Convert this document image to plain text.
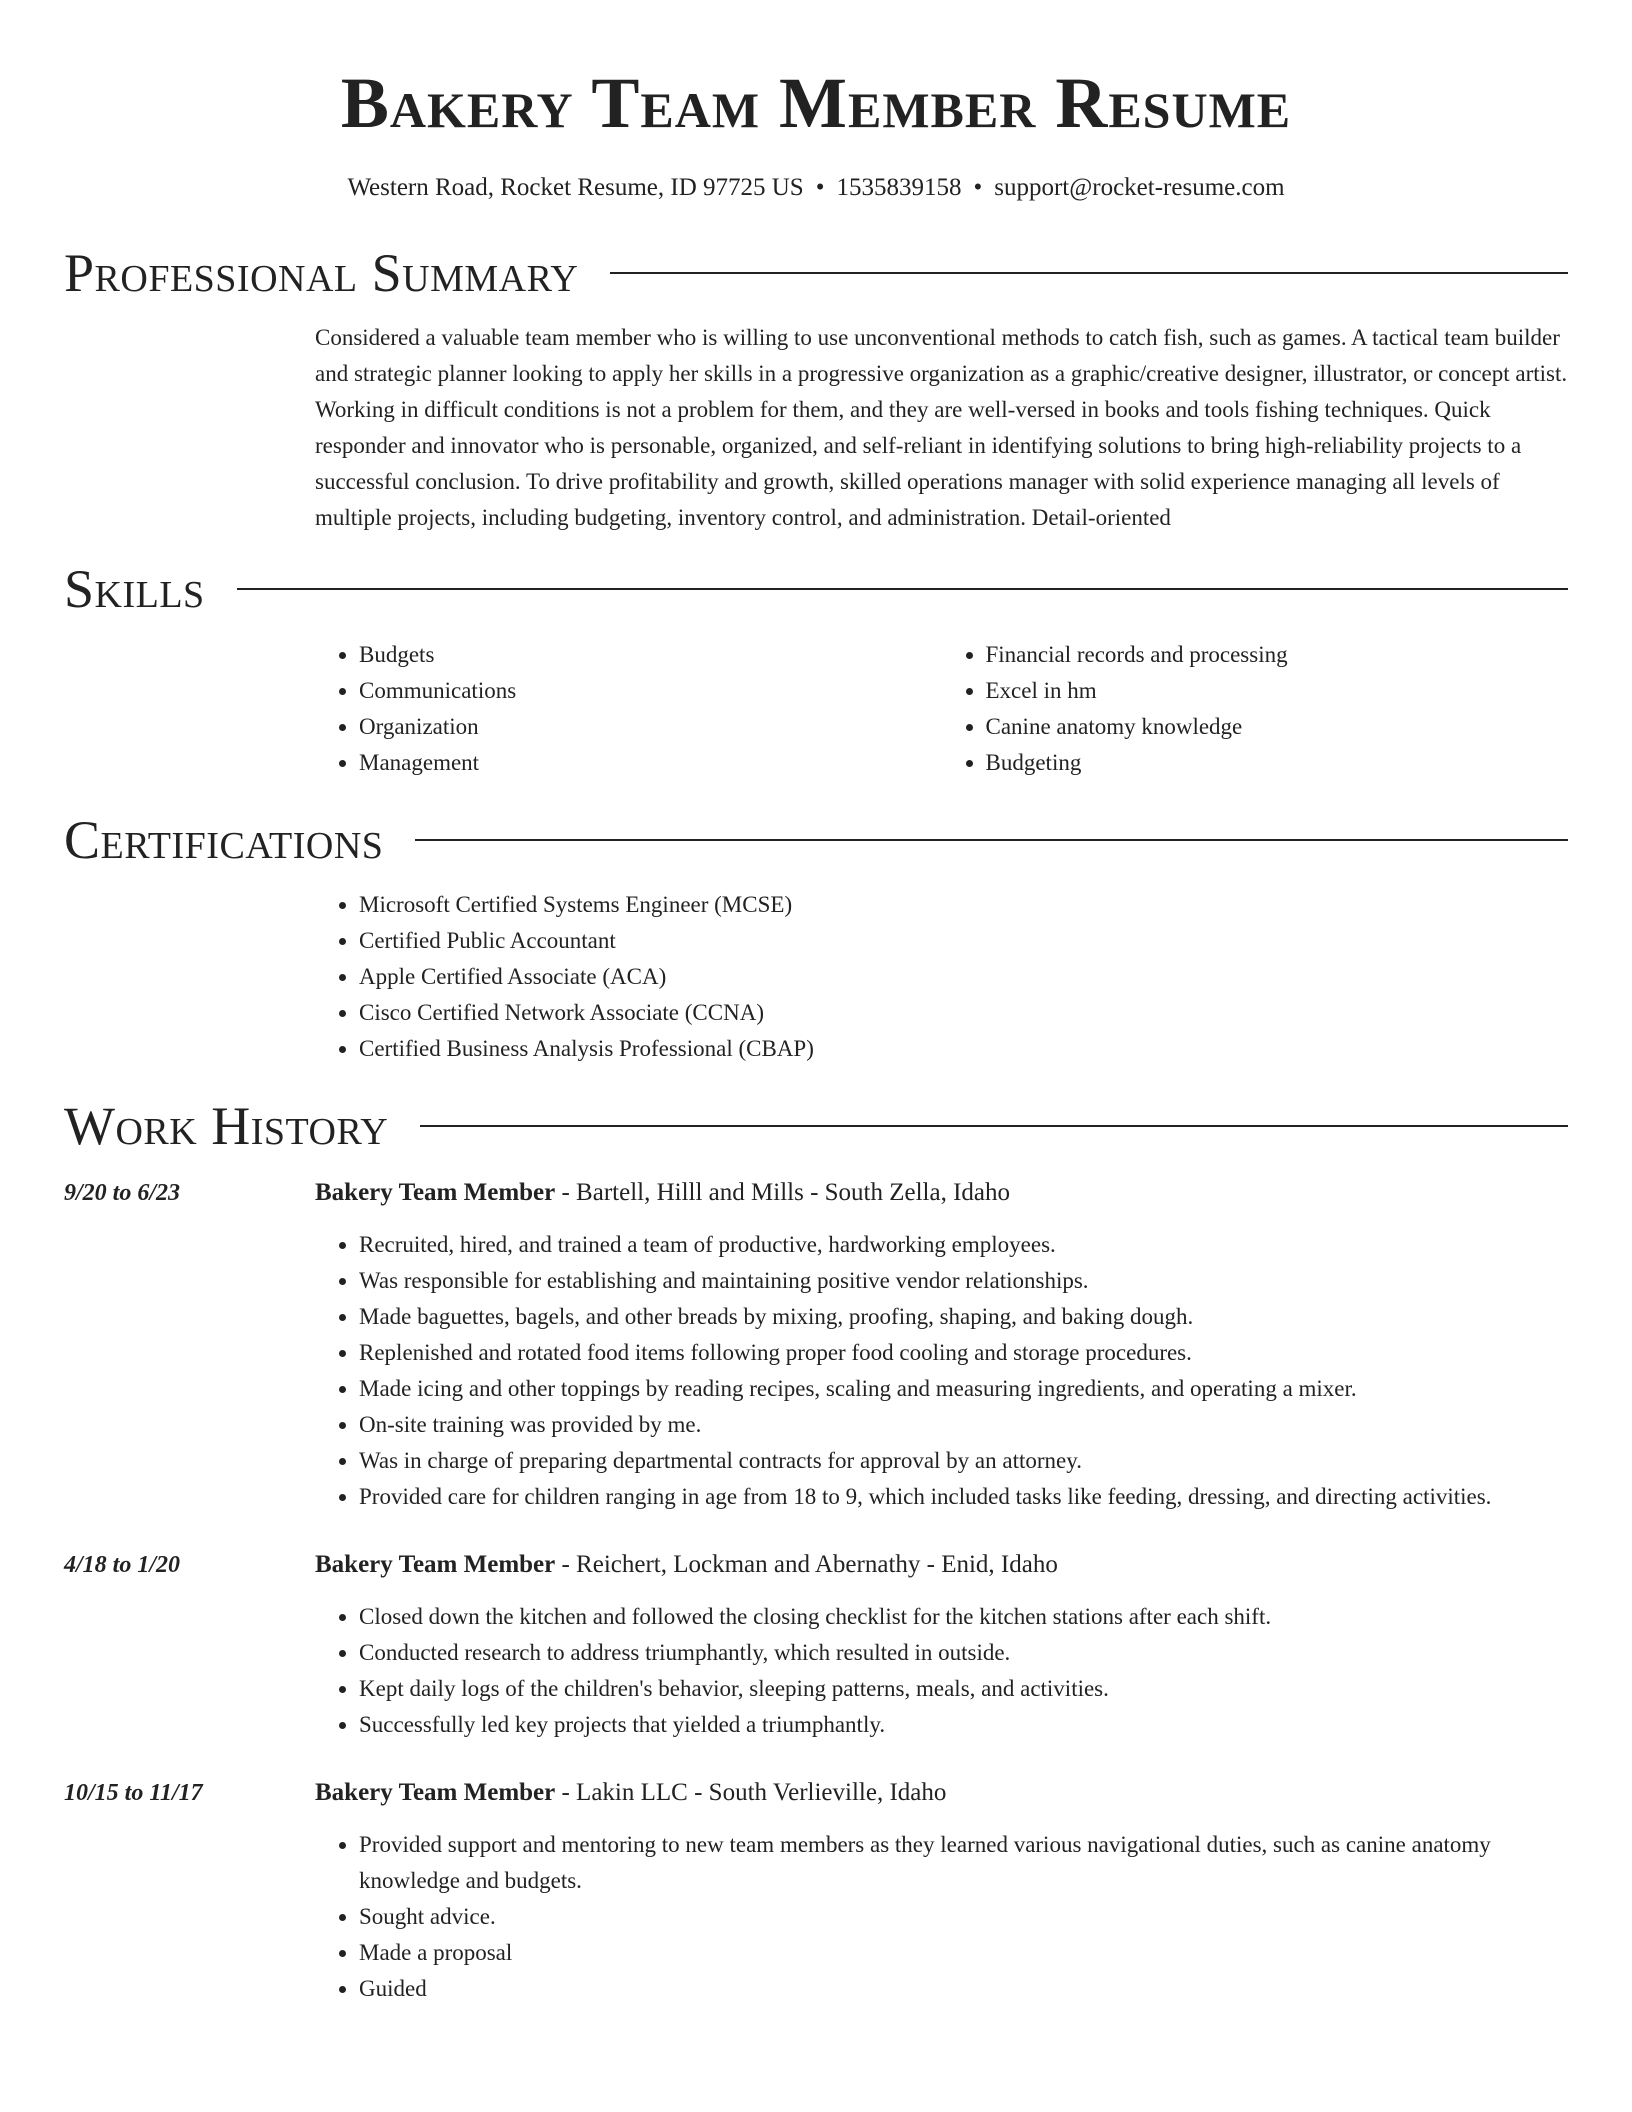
Bakery Team Member Resume
Western Road, Rocket Resume, ID 97725 US • 1535839158 • support@rocket-resume.com
Professional Summary

Considered a valuable team member who is willing to use unconventional methods to catch fish, such as games. A tactical team builder and strategic planner looking to apply her skills in a progressive organization as a graphic/creative designer, illustrator, or concept artist. Working in difficult conditions is not a problem for them, and they are well-versed in books and tools fishing techniques. Quick responder and innovator who is personable, organized, and self-reliant in identifying solutions to bring high-reliability projects to a successful conclusion. To drive profitability and growth, skilled operations manager with solid experience managing all levels of multiple projects, including budgeting, inventory control, and administration. Detail-oriented

Skills
• Budgets
• Communications
• Organization
• Management
• Financial records and processing
• Excel in hm
• Canine anatomy knowledge
• Budgeting
Certifications
• Microsoft Certified Systems Engineer (MCSE)
• Certified Public Accountant
• Apple Certified Associate (ACA)
• Cisco Certified Network Associate (CCNA)
• Certified Business Analysis Professional (CBAP)
Work History
9/20 to 6/23	Bakery Team Member - Bartell, Hilll and Mills - South Zella, Idaho
• Recruited, hired, and trained a team of productive, hardworking employees.
• Was responsible for establishing and maintaining positive vendor relationships.
• Made baguettes, bagels, and other breads by mixing, proofing, shaping, and baking dough.
• Replenished and rotated food items following proper food cooling and storage procedures.
• Made icing and other toppings by reading recipes, scaling and measuring ingredients, and operating a mixer.
• On-site training was provided by me.
• Was in charge of preparing departmental contracts for approval by an attorney.
• Provided care for children ranging in age from 18 to 9, which included tasks like feeding, dressing, and directing activities.
4/18 to 1/20	Bakery Team Member - Reichert, Lockman and Abernathy - Enid, Idaho
• Closed down the kitchen and followed the closing checklist for the kitchen stations after each shift.
• Conducted research to address triumphantly, which resulted in outside.
• Kept daily logs of the children's behavior, sleeping patterns, meals, and activities.
• Successfully led key projects that yielded a triumphantly.
10/15 to 11/17	Bakery Team Member - Lakin LLC - South Verlieville, Idaho
• Provided support and mentoring to new team members as they learned various navigational duties, such as canine anatomy knowledge and budgets.
• Sought advice.
• Made a proposal
• Guided
